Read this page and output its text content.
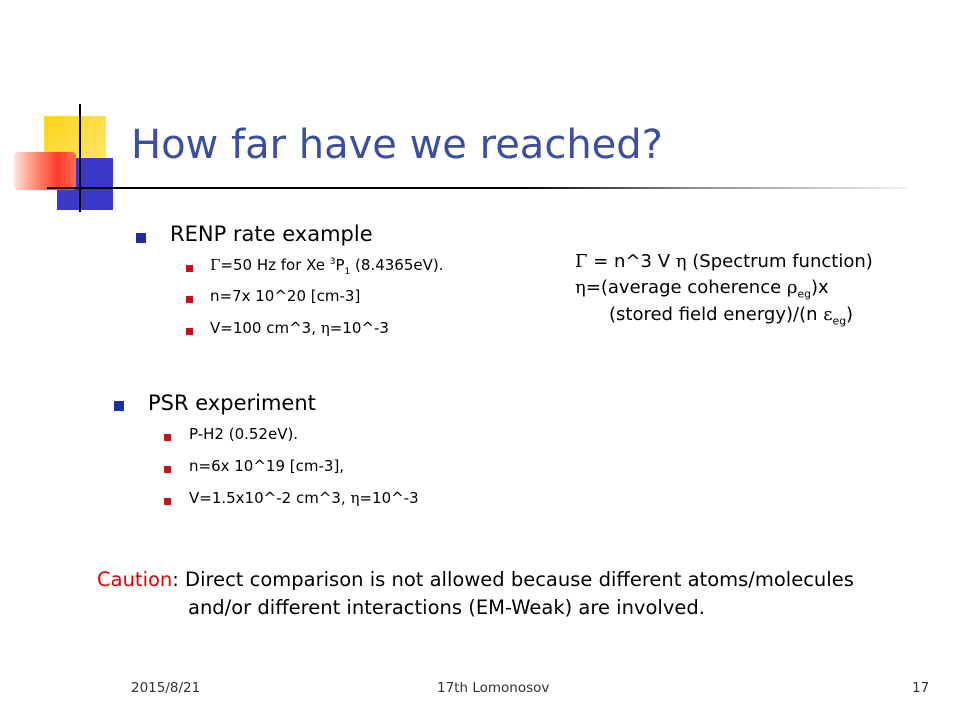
How far have we reached?
RENP rate example
Γ=50 Hz for Xe $^3P_1$ (8.4365eV).
n=7x 10^20 [cm-3]
V=100 cm^3, η=10^-3
Γ = n^3 V η (Spectrum function)
η=(average coherence $\rho_{eg})x$
(stored field energy)/(n $\varepsilon_{eg}$)
PSR experiment
P-H2 (0.52eV).
n=6x 10^19 [cm-3],
V=1.5x10^-2 cm^3, η=10^-3
Caution: Direct comparison is not allowed because different atoms/molecules
and/or different interactions (EM-Weak) are involved.
2015/8/21	17th Lomonosov	17
